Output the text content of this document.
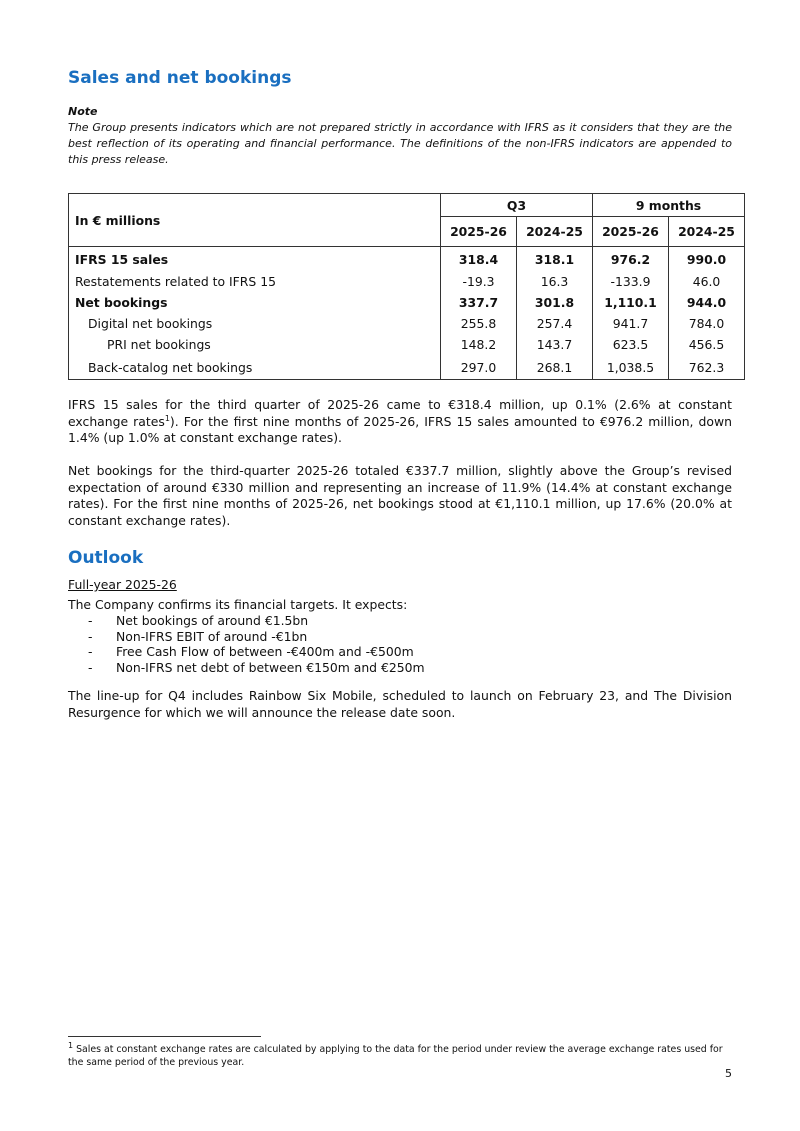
Sales and net bookings
Note
The Group presents indicators which are not prepared strictly in accordance with IFRS as it considers that they are the best reflection of its operating and financial performance. The definitions of the non-IFRS indicators are appended to this press release.
In € millions	Q3		9 months	
	2025-26	2024-25	2025-26	2024-25
IFRS 15 sales	318.4	318.1	976.2	990.0
Restatements related to IFRS 15	-19.3	16.3	-133.9	46.0
Net bookings	337.7	301.8	1,110.1	944.0
Digital net bookings	255.8	257.4	941.7	784.0
PRI net bookings	148.2	143.7	623.5	456.5
Back-catalog net bookings	297.0	268.1	1,038.5	762.3

IFRS 15 sales for the third quarter of 2025-26 came to €318.4 million, up 0.1% (2.6% at constant exchange rates$^1$). For the first nine months of 2025-26, IFRS 15 sales amounted to €976.2 million, down 1.4% (up 1.0% at constant exchange rates).

Net bookings for the third-quarter 2025-26 totaled €337.7 million, slightly above the Group’s revised expectation of around €330 million and representing an increase of 11.9% (14.4% at constant exchange rates). For the first nine months of 2025-26, net bookings stood at €1,110.1 million, up 17.6% (20.0% at constant exchange rates).

Outlook

Full-year 2025-26

The Company confirms its financial targets. It expects:

- Net bookings of around €1.5bn
- Non-IFRS EBIT of around -€1bn
- Free Cash Flow of between -€400m and -€500m
- Non-IFRS net debt of between €150m and €250m

The line-up for Q4 includes Rainbow Six Mobile, scheduled to launch on February 23, and The Division Resurgence for which we will announce the release date soon.

$^1$ Sales at constant exchange rates are calculated by applying to the data for the period under review the average exchange rates used for the same period of the previous year.
5
